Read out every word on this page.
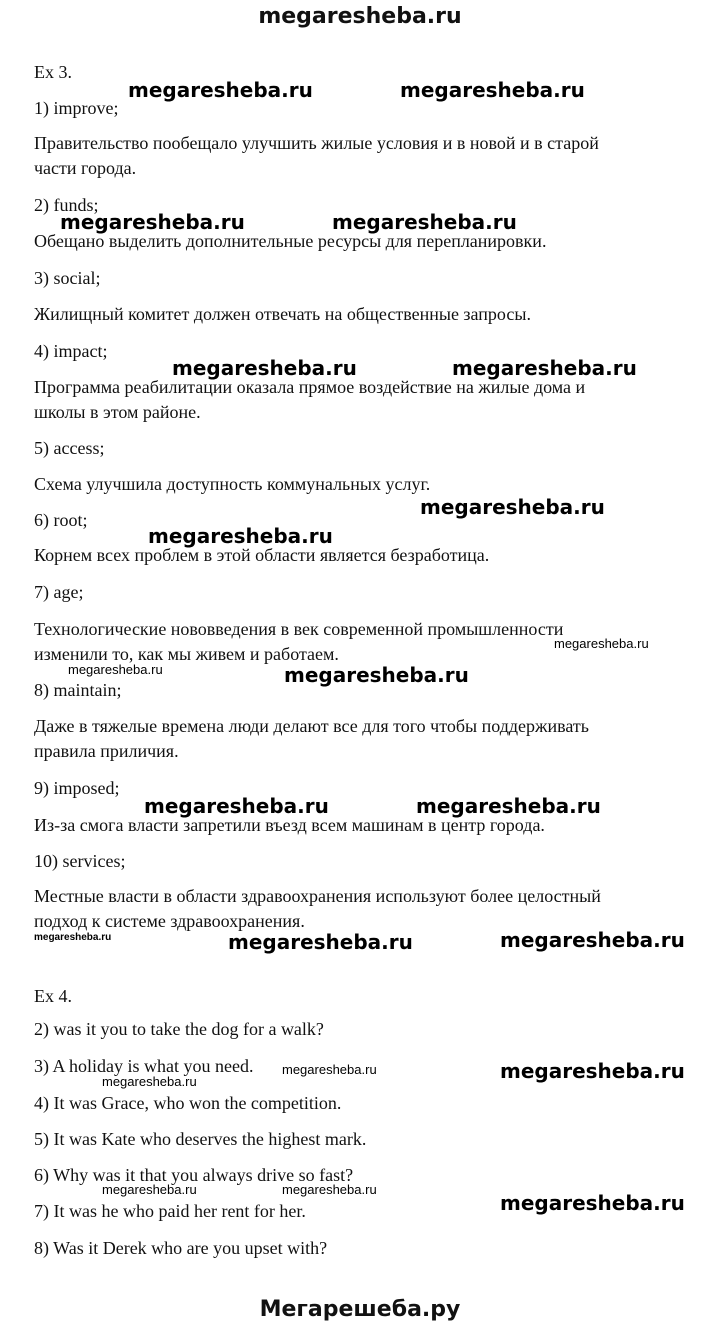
megaresheba.ru
Ex 3.
1) improve;
Правительство пообещало улучшить жилые условия и в новой и в старой
части города.
2) funds;
Обещано выделить дополнительные ресурсы для перепланировки.
3) social;
Жилищный комитет должен отвечать на общественные запросы.
4) impact;
Программа реабилитации оказала прямое воздействие на жилые дома и
школы в этом районе.
5) access;
Схема улучшила доступность коммунальных услуг.
6) root;
Корнем всех проблем в этой области является безработица.
7) age;
Технологические нововведения в век современной промышленности
изменили то, как мы живем и работаем.
8) maintain;
Даже в тяжелые времена люди делают все для того чтобы поддерживать
правила приличия.
9) imposed;
Из-за смога власти запретили въезд всем машинам в центр города.
10) services;
Местные власти в области здравоохранения используют более целостный
подход к системе здравоохранения.
Ex 4.
2) was it you to take the dog for a walk?
3) A holiday is what you need.
4) It was Grace, who won the competition.
5) It was Kate who deserves the highest mark.
6) Why was it that you always drive so fast?
7) It was he who paid her rent for her.
8) Was it Derek who are you upset with?
megaresheba.ru	megaresheba.ru
megaresheba.ru	megaresheba.ru
megaresheba.ru	megaresheba.ru
megaresheba.ru
megaresheba.ru
megaresheba.ru
megaresheba.ru	megaresheba.ru
megaresheba.ru	megaresheba.ru
megaresheba.ru	megaresheba.ru	megaresheba.ru
megaresheba.ru	megaresheba.ru
megaresheba.ru
megaresheba.ru	megaresheba.ru
megaresheba.ru
Мегарешеба.ру
